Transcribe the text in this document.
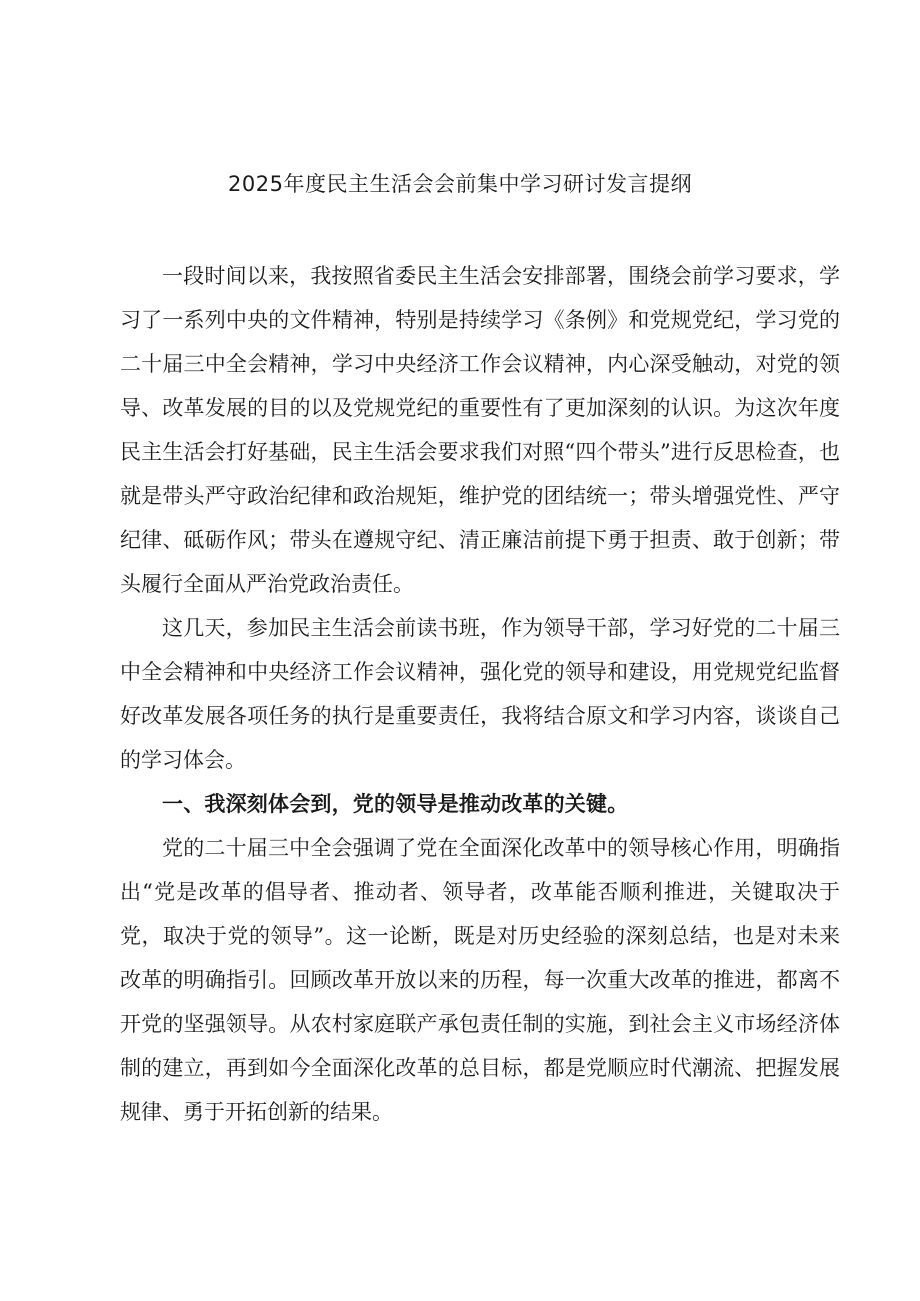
2025年度民主生活会会前集中学习研讨发言提纲

一段时间以来，我按照省委民主生活会安排部署，围绕会前学习要求，学习了一系列中央的文件精神，特别是持续学习《条例》和党规党纪，学习党的二十届三中全会精神，学习中央经济工作会议精神，内心深受触动，对党的领导、改革发展的目的以及党规党纪的重要性有了更加深刻的认识。为这次年度民主生活会打好基础，民主生活会要求我们对照“四个带头”进行反思检查，也就是带头严守政治纪律和政治规矩，维护党的团结统一；带头增强党性、严守纪律、砥砺作风；带头在遵规守纪、清正廉洁前提下勇于担责、敢于创新；带头履行全面从严治党政治责任。

这几天，参加民主生活会前读书班，作为领导干部，学习好党的二十届三中全会精神和中央经济工作会议精神，强化党的领导和建设，用党规党纪监督好改革发展各项任务的执行是重要责任，我将结合原文和学习内容，谈谈自己的学习体会。

一、我深刻体会到，党的领导是推动改革的关键。

党的二十届三中全会强调了党在全面深化改革中的领导核心作用，明确指出“党是改革的倡导者、推动者、领导者，改革能否顺利推进，关键取决于党，取决于党的领导”。这一论断，既是对历史经验的深刻总结，也是对未来改革的明确指引。回顾改革开放以来的历程，每一次重大改革的推进，都离不开党的坚强领导。从农村家庭联产承包责任制的实施，到社会主义市场经济体制的建立，再到如今全面深化改革的总目标，都是党顺应时代潮流、把握发展规律、勇于开拓创新的结果。
